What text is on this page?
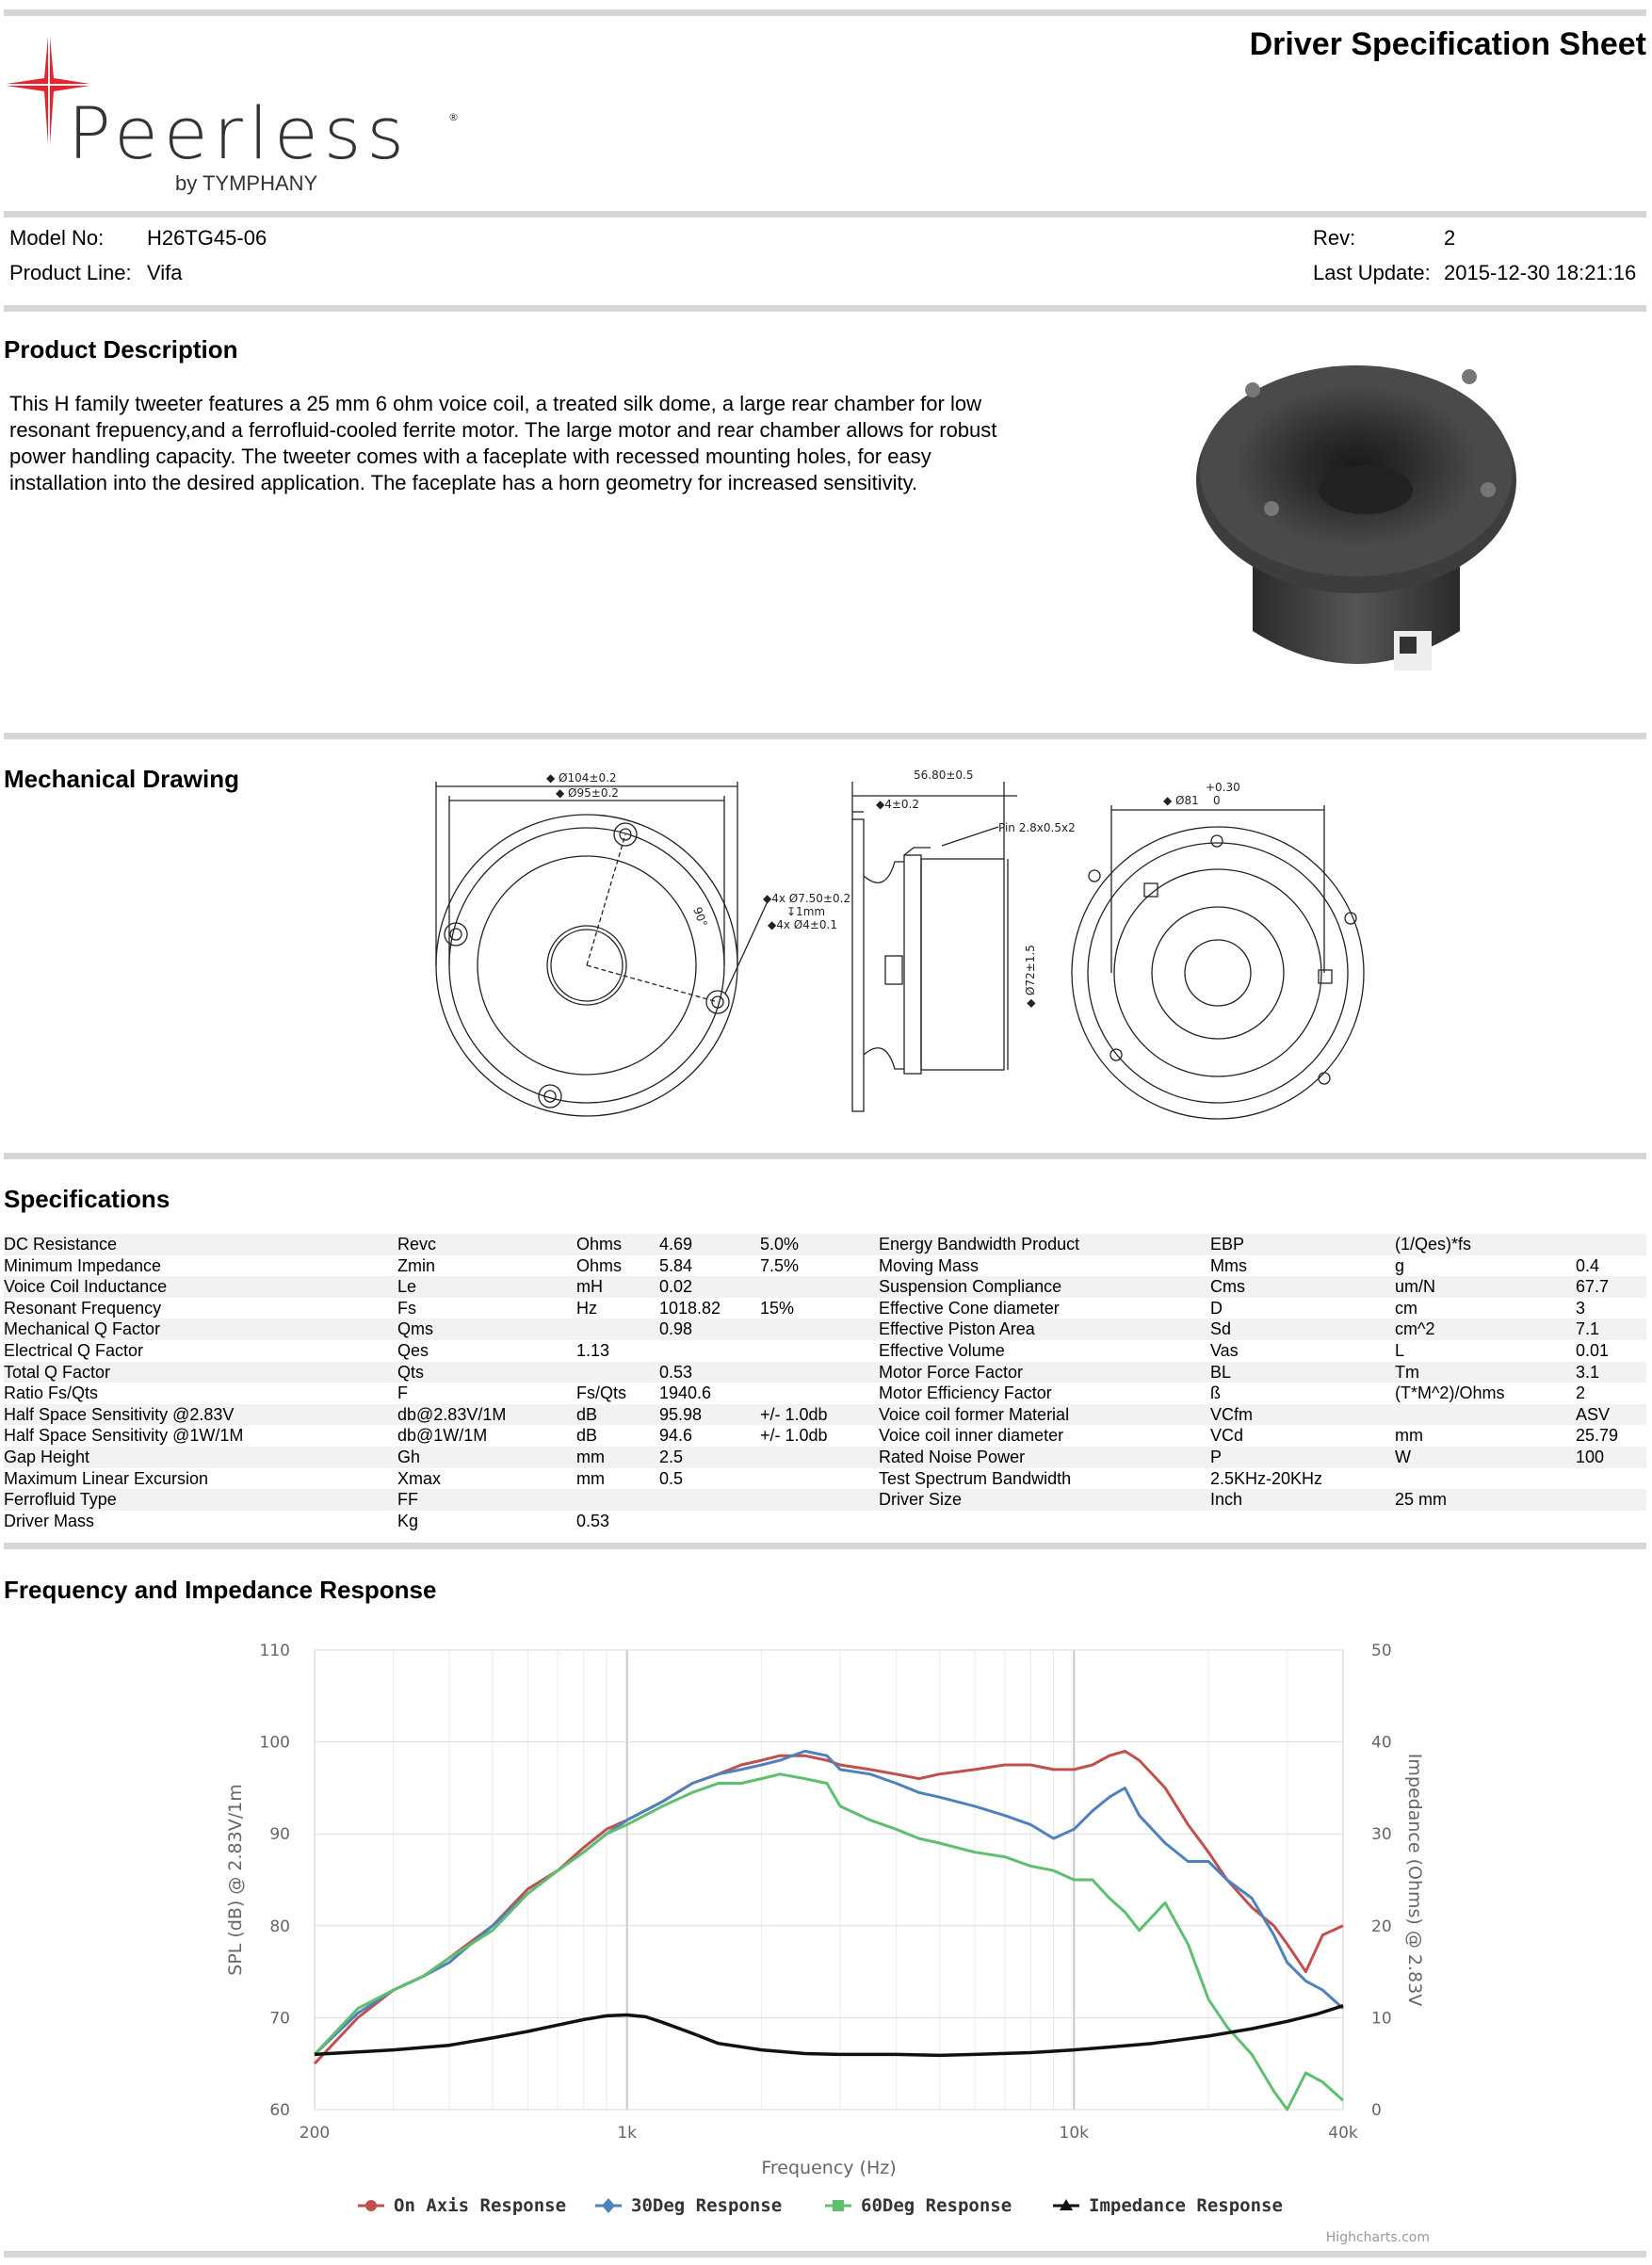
Peerless	®
by TYMPHANY
Driver Specification Sheet
Model No: H26TG45-06
Product Line: Vifa
Rev:	2
Last Update: 2015-12-30 18:21:16
Product Description
This H family tweeter features a 25 mm 6 ohm voice coil, a treated silk dome, a large rear chamber for low resonant frepuency,and a ferrofluid-cooled ferrite motor. The large motor and rear chamber allows for robust power handling capacity. The tweeter comes with a faceplate with recessed mounting holes, for easy installation into the desired application. The faceplate has a horn geometry for increased sensitivity.
Mechanical Drawing	◆ Ø104±0.2
◆ Ø95±0.2
◆4x Ø7.50±0.2
↧1mm
◆4x Ø4±0.1
90°
56.80±0.5
◆4±0.2
Pin 2.8x0.5x2
◆ Ø72±1.5
+0.30
◆ Ø81 0
Specifications
DC Resistance	Revc	Ohms	4.69	5.0%	Energy Bandwidth Product	EBP	(1/Qes)*fs	
Minimum Impedance	Zmin	Ohms	5.84	7.5%	Moving Mass	Mms	g	0.4
Voice Coil Inductance	Le	mH	0.02		Suspension Compliance	Cms	um/N	67.7
Resonant Frequency	Fs	Hz	1018.82	15%	Effective Cone diameter	D	cm	3
Mechanical Q Factor	Qms		0.98		Effective Piston Area	Sd	cm^2	7.1
Electrical Q Factor	Qes	1.13			Effective Volume	Vas	L	0.01
Total Q Factor	Qts		0.53		Motor Force Factor	BL	Tm	3.1
Ratio Fs/Qts	F	Fs/Qts	1940.6		Motor Efficiency Factor	ß	(T*M^2)/Ohms	2
Half Space Sensitivity @2.83V	db@2.83V/1M	dB	95.98	+/- 1.0db	Voice coil former Material	VCfm		ASV
Half Space Sensitivity @1W/1M	db@1W/1M	dB	94.6	+/- 1.0db	Voice coil inner diameter	VCd	mm	25.79
Gap Height	Gh	mm	2.5		Rated Noise Power	P	W	100
Maximum Linear Excursion	Xmax	mm	0.5		Test Spectrum Bandwidth	2.5KHz-20KHz		
Ferrofluid Type	FF				Driver Size	Inch	25 mm	
Driver Mass	Kg	0.53						
Frequency and Impedance Response
60
70
80
90
100
110
0
10
20
30
40
50
200	1k	10k	40k
Frequency (Hz)
SPL (dB) @ 2.83V/1m	Impedance (Ohms) @ 2.83V
On Axis Response	30Deg Response	60Deg Response	Impedance Response
Highcharts.com
